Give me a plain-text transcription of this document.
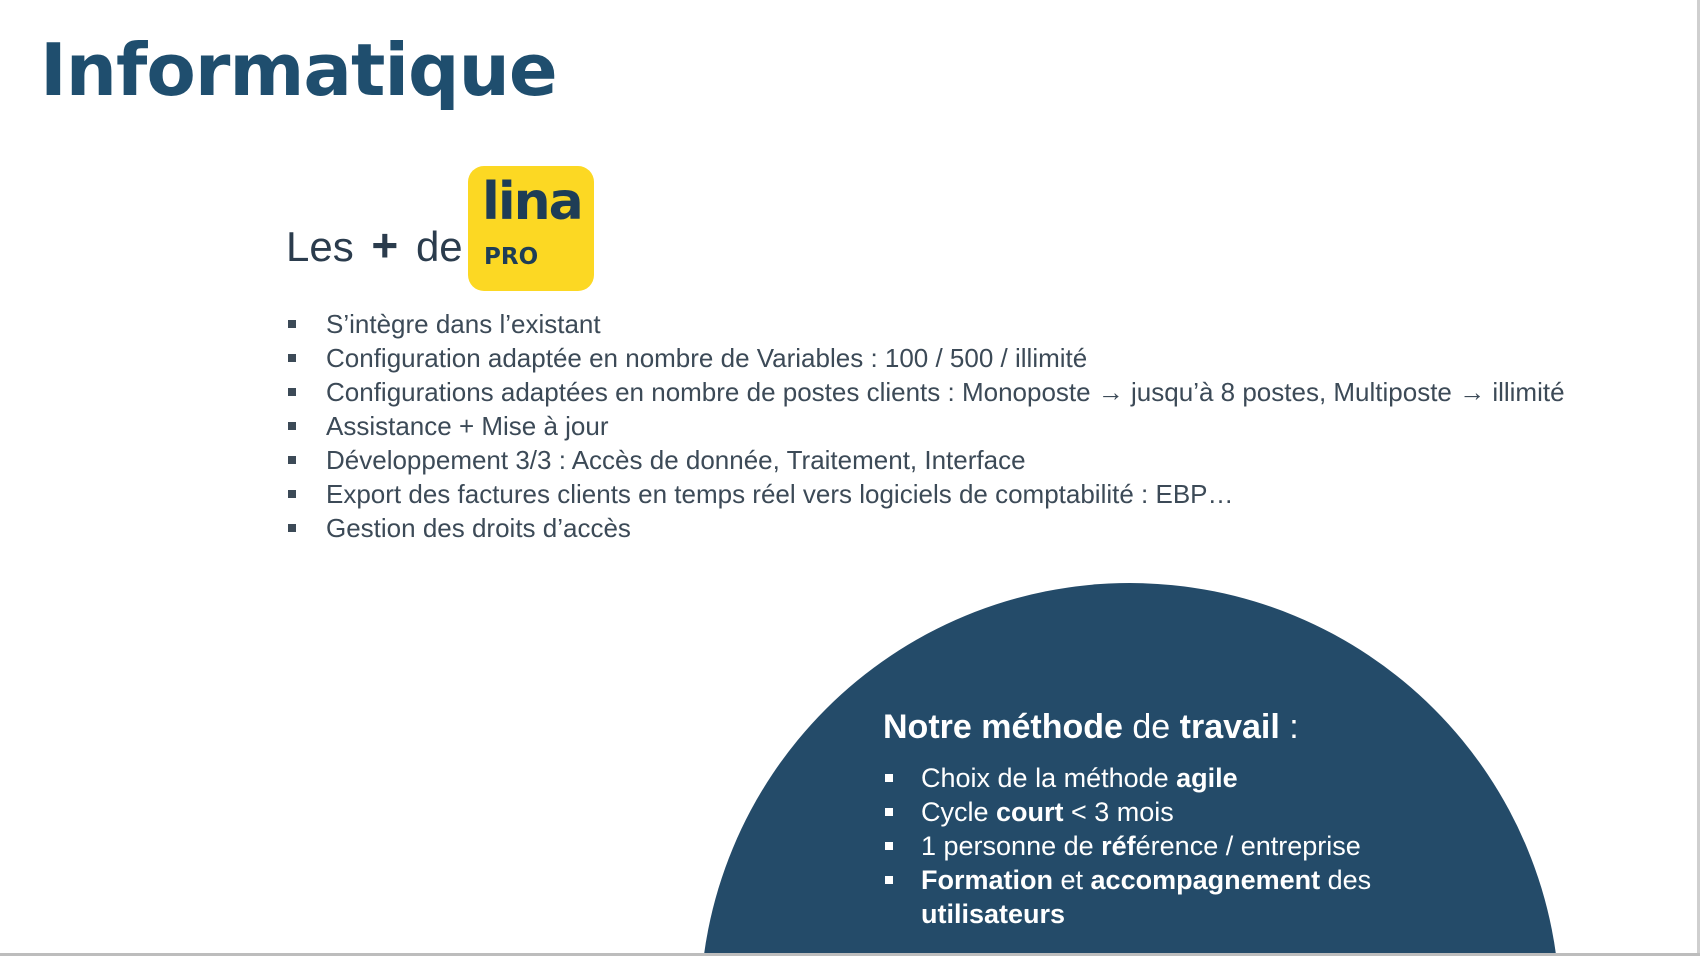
Informatique
Les + de
lina
PRO
S’intègre dans l’existant
Configuration adaptée en nombre de Variables : 100 / 500 / illimité
Configurations adaptées en nombre de postes clients : Monoposte → jusqu’à 8 postes, Multiposte → illimité
Assistance + Mise à jour
Développement 3/3 : Accès de donnée, Traitement, Interface
Export des factures clients en temps réel vers logiciels de comptabilité : EBP…
Gestion des droits d’accès
Notre méthode de travail :
Choix de la méthode agile
Cycle court < 3 mois
1 personne de référence / entreprise
Formation et accompagnement des
utilisateurs
